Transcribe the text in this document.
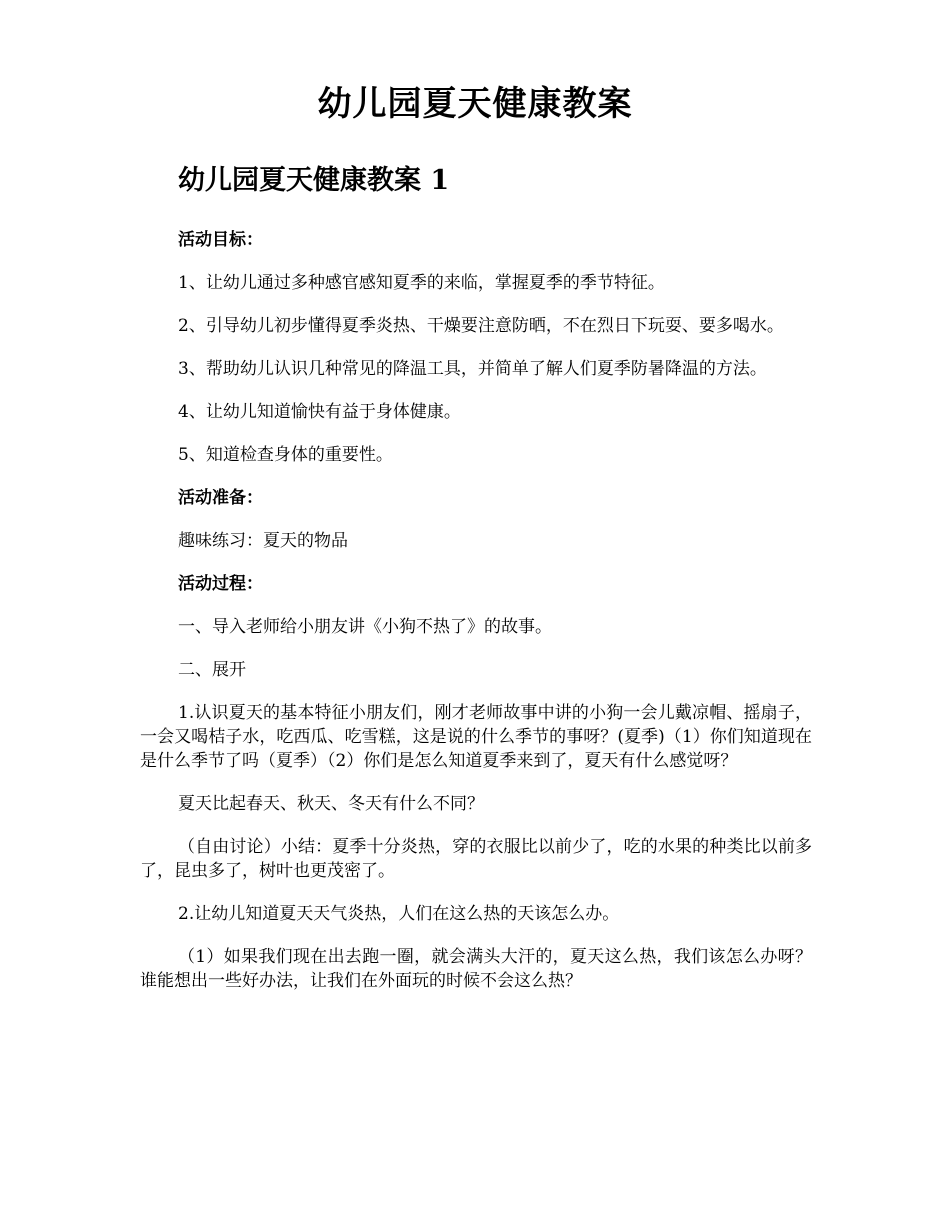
幼儿园夏天健康教案
幼儿园夏天健康教案 1

活动目标：

1、让幼儿通过多种感官感知夏季的来临，掌握夏季的季节特征。

2、引导幼儿初步懂得夏季炎热、干燥要注意防晒，不在烈日下玩耍、要多喝水。

3、帮助幼儿认识几种常见的降温工具，并简单了解人们夏季防暑降温的方法。

4、让幼儿知道愉快有益于身体健康。

5、知道检查身体的重要性。

活动准备：

趣味练习：夏天的物品

活动过程：

一、导入老师给小朋友讲《小狗不热了》的故事。

二、展开

1.认识夏天的基本特征小朋友们，刚才老师故事中讲的小狗一会儿戴凉帽、摇扇子，一会又喝桔子水，吃西瓜、吃雪糕，这是说的什么季节的事呀？(夏季)（1）你们知道现在是什么季节了吗（夏季）（2）你们是怎么知道夏季来到了，夏天有什么感觉呀？

夏天比起春天、秋天、冬天有什么不同？

（自由讨论）小结：夏季十分炎热，穿的衣服比以前少了，吃的水果的种类比以前多了，昆虫多了，树叶也更茂密了。

2.让幼儿知道夏天天气炎热，人们在这么热的天该怎么办。

（1）如果我们现在出去跑一圈，就会满头大汗的，夏天这么热，我们该怎么办呀？谁能想出一些好办法，让我们在外面玩的时候不会这么热？
